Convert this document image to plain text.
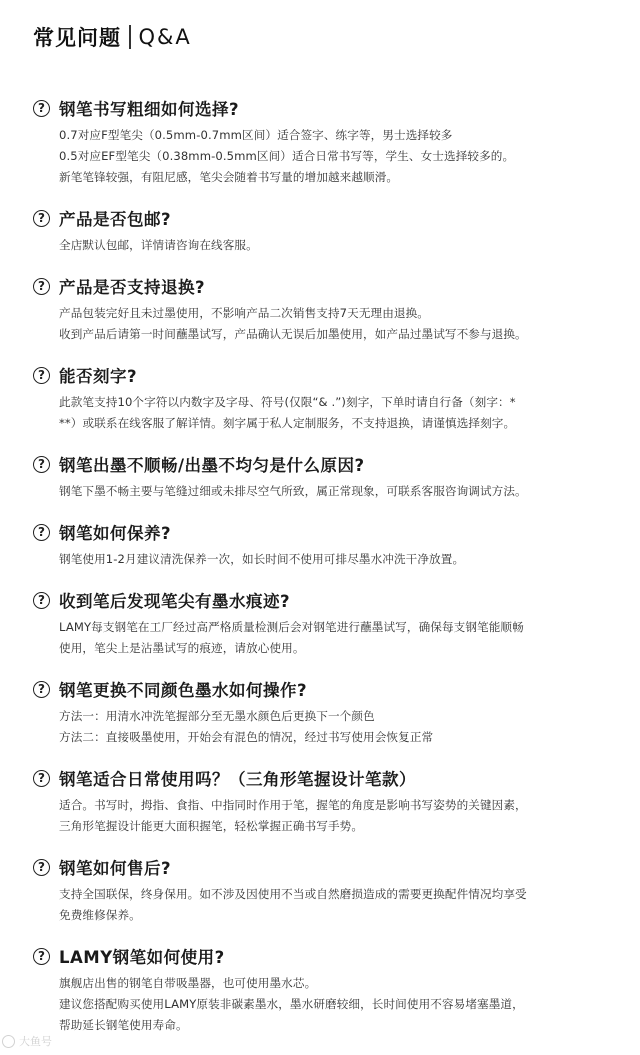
常见问题 Q&A
? 钢笔书写粗细如何选择?
0.7对应F型笔尖（0.5mm-0.7mm区间）适合签字、练字等，男士选择较多
0.5对应EF型笔尖（0.38mm-0.5mm区间）适合日常书写等，学生、女士选择较多的。
新笔笔锋较强，有阻尼感，笔尖会随着书写量的增加越来越顺滑。
? 产品是否包邮?
全店默认包邮，详情请咨询在线客服。
? 产品是否支持退换?
产品包装完好且未过墨使用，不影响产品二次销售支持7天无理由退换。
收到产品后请第一时间蘸墨试写，产品确认无误后加墨使用，如产品过墨试写不参与退换。
? 能否刻字?
此款笔支持10个字符以内数字及字母、符号(仅限“& .”)刻字，下单时请自行备（刻字：*
**）或联系在线客服了解详情。刻字属于私人定制服务，不支持退换，请谨慎选择刻字。
? 钢笔出墨不顺畅/出墨不均匀是什么原因?
钢笔下墨不畅主要与笔缝过细或未排尽空气所致，属正常现象，可联系客服咨询调试方法。
? 钢笔如何保养?
钢笔使用1-2月建议清洗保养一次，如长时间不使用可排尽墨水冲洗干净放置。
? 收到笔后发现笔尖有墨水痕迹?
LAMY每支钢笔在工厂经过高严格质量检测后会对钢笔进行蘸墨试写，确保每支钢笔能顺畅
使用，笔尖上是沾墨试写的痕迹，请放心使用。
? 钢笔更换不同颜色墨水如何操作?
方法一：用清水冲洗笔握部分至无墨水颜色后更换下一个颜色
方法二：直接吸墨使用，开始会有混色的情况，经过书写使用会恢复正常
? 钢笔适合日常使用吗？（三角形笔握设计笔款）
适合。书写时，拇指、食指、中指同时作用于笔，握笔的角度是影响书写姿势的关键因素，
三角形笔握设计能更大面积握笔，轻松掌握正确书写手势。
? 钢笔如何售后?
支持全国联保，终身保用。如不涉及因使用不当或自然磨损造成的需要更换配件情况均享受
免费维修保养。
? LAMY钢笔如何使用?
旗舰店出售的钢笔自带吸墨器，也可使用墨水芯。
建议您搭配购买使用LAMY原装非碳素墨水，墨水研磨较细，长时间使用不容易堵塞墨道，
帮助延长钢笔使用寿命。
大鱼号
